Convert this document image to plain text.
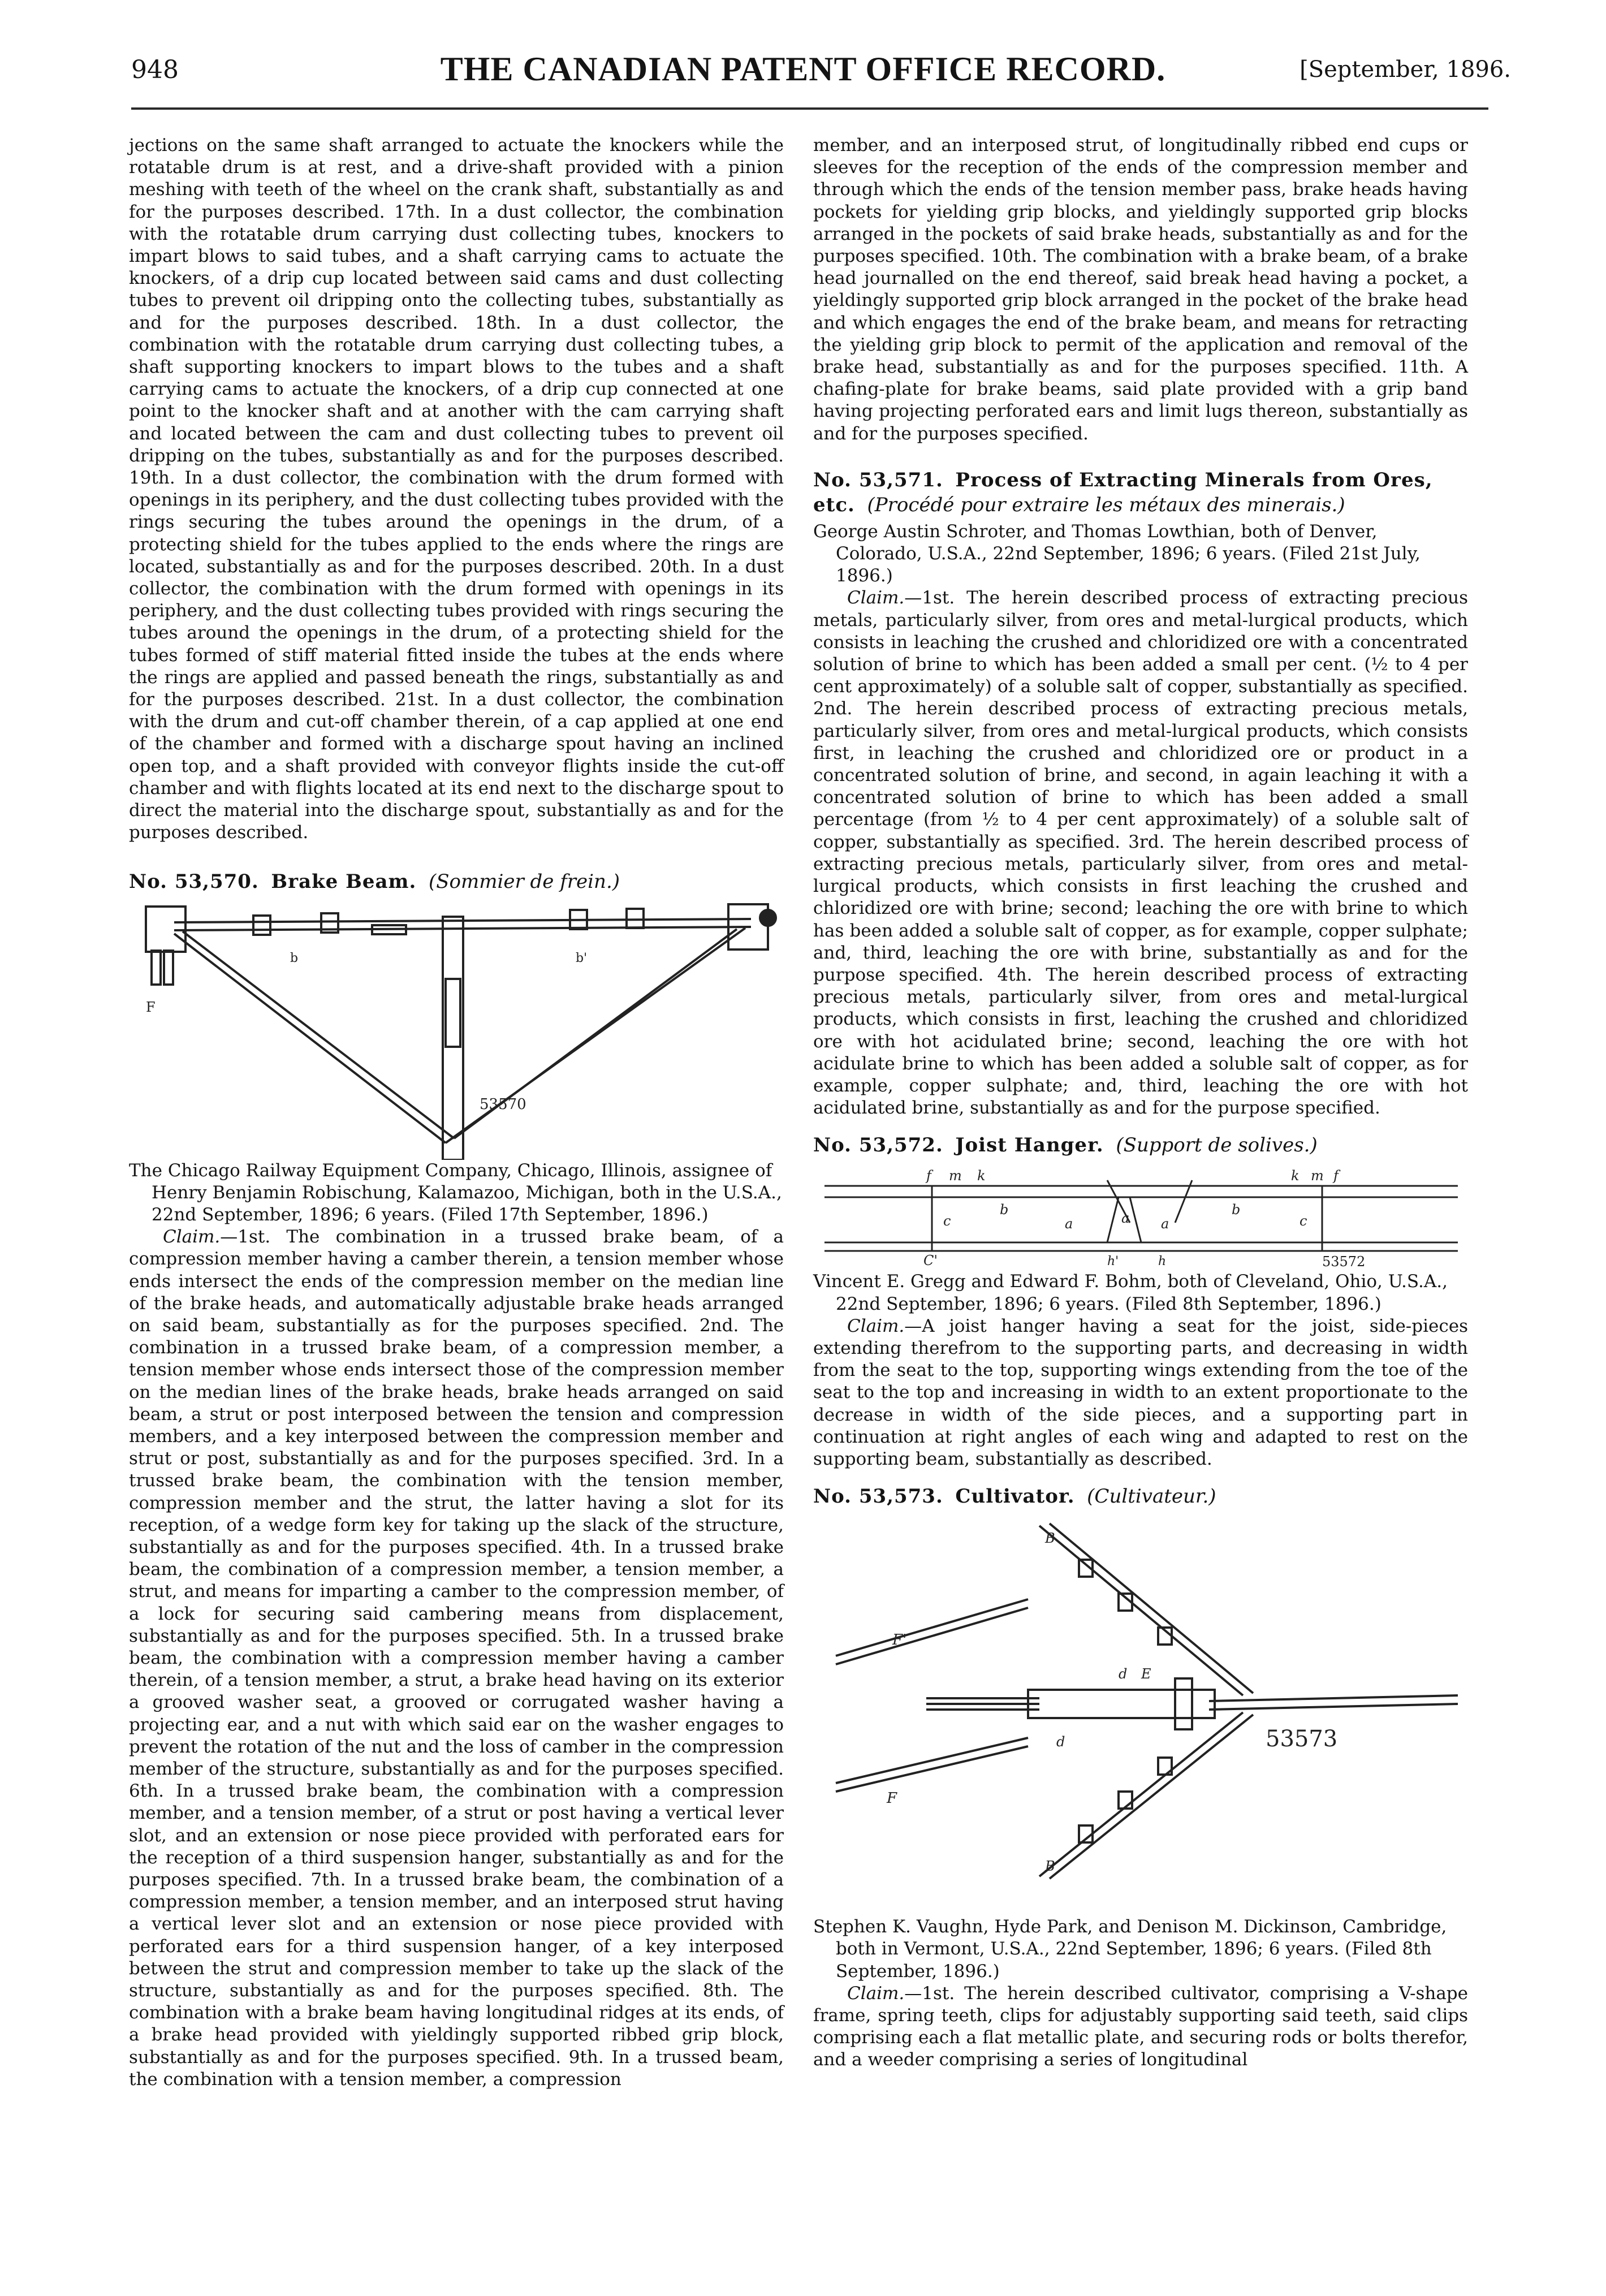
THE CANADIAN PATENT OFFICE RECORD.
948	[September, 1896.

jections on the same shaft arranged to actuate the knockers while the rotatable drum is at rest, and a drive-shaft provided with a pinion meshing with teeth of the wheel on the crank shaft, substantially as and for the purposes described. 17th. In a dust collector, the combination with the rotatable drum carrying dust collecting tubes, knockers to impart blows to said tubes, and a shaft carrying cams to actuate the knockers, of a drip cup located between said cams and dust collecting tubes to prevent oil dripping onto the collecting tubes, substantially as and for the purposes described. 18th. In a dust collector, the combination with the rotatable drum carrying dust collecting tubes, a shaft supporting knockers to impart blows to the tubes and a shaft carrying cams to actuate the knockers, of a drip cup connected at one point to the knocker shaft and at another with the cam carrying shaft and located between the cam and dust collecting tubes to prevent oil dripping on the tubes, substantially as and for the purposes described. 19th. In a dust collector, the combination with the drum formed with openings in its periphery, and the dust collecting tubes provided with the rings securing the tubes around the openings in the drum, of a protecting shield for the tubes applied to the ends where the rings are located, substantially as and for the purposes described. 20th. In a dust collector, the combination with the drum formed with openings in its periphery, and the dust collecting tubes provided with rings securing the tubes around the openings in the drum, of a protecting shield for the tubes formed of stiff material fitted inside the tubes at the ends where the rings are applied and passed beneath the rings, substantially as and for the purposes described. 21st. In a dust collector, the combination with the drum and cut-off chamber therein, of a cap applied at one end of the chamber and formed with a discharge spout having an inclined open top, and a shaft provided with conveyor flights inside the cut-off chamber and with flights located at its end next to the discharge spout to direct the material into the discharge spout, substantially as and for the purposes described.

No. 53,570. Brake Beam. (Sommier de frein.)

F
b	b'
53570

The Chicago Railway Equipment Company, Chicago, Illinois, assignee of Henry Benjamin Robischung, Kalamazoo, Michigan, both in the U.S.A., 22nd September, 1896; 6 years. (Filed 17th September, 1896.)

Claim.—1st. The combination in a trussed brake beam, of a compression member having a camber therein, a tension member whose ends intersect the ends of the compression member on the median line of the brake heads, and automatically adjustable brake heads arranged on said beam, substantially as for the purposes specified. 2nd. The combination in a trussed brake beam, of a compression member, a tension member whose ends intersect those of the compression member on the median lines of the brake heads, brake heads arranged on said beam, a strut or post interposed between the tension and compression members, and a key interposed between the compression member and strut or post, substantially as and for the purposes specified. 3rd. In a trussed brake beam, the combination with the tension member, compression member and the strut, the latter having a slot for its reception, of a wedge form key for taking up the slack of the structure, substantially as and for the purposes specified. 4th. In a trussed brake beam, the combination of a compression member, a tension member, a strut, and means for imparting a camber to the compression member, of a lock for securing said cambering means from displacement, substantially as and for the purposes specified. 5th. In a trussed brake beam, the combination with a compression member having a camber therein, of a tension member, a strut, a brake head having on its exterior a grooved washer seat, a grooved or corrugated washer having a projecting ear, and a nut with which said ear on the washer engages to prevent the rotation of the nut and the loss of camber in the compression member of the structure, substantially as and for the purposes specified. 6th. In a trussed brake beam, the combination with a compression member, and a tension member, of a strut or post having a vertical lever slot, and an extension or nose piece provided with perforated ears for the reception of a third suspension hanger, substantially as and for the purposes specified. 7th. In a trussed brake beam, the combination of a compression member, a tension member, and an interposed strut having a vertical lever slot and an extension or nose piece provided with perforated ears for a third suspension hanger, of a key interposed between the strut and compression member to take up the slack of the structure, substantially as and for the purposes specified. 8th. The combination with a brake beam having longitudinal ridges at its ends, of a brake head provided with yieldingly supported ribbed grip block, substantially as and for the purposes specified. 9th. In a trussed beam, the combination with a tension member, a compression

member, and an interposed strut, of longitudinally ribbed end cups or sleeves for the reception of the ends of the compression member and through which the ends of the tension member pass, brake heads having pockets for yielding grip blocks, and yieldingly supported grip blocks arranged in the pockets of said brake heads, substantially as and for the purposes specified. 10th. The combination with a brake beam, of a brake head journalled on the end thereof, said break head having a pocket, a yieldingly supported grip block arranged in the pocket of the brake head and which engages the end of the brake beam, and means for retracting the yielding grip block to permit of the application and removal of the brake head, substantially as and for the purposes specified. 11th. A chafing-plate for brake beams, said plate provided with a grip band having projecting perforated ears and limit lugs thereon, substantially as and for the purposes specified.

No. 53,571. Process of Extracting Minerals from Ores, etc. (Procédé pour extraire les métaux des minerais.)

George Austin Schroter, and Thomas Lowthian, both of Denver, Colorado, U.S.A., 22nd September, 1896; 6 years. (Filed 21st July, 1896.)

Claim.—1st. The herein described process of extracting precious metals, particularly silver, from ores and metal-lurgical products, which consists in leaching the crushed and chloridized ore with a concentrated solution of brine to which has been added a small per cent. (½ to 4 per cent approximately) of a soluble salt of copper, substantially as specified. 2nd. The herein described process of extracting precious metals, particularly silver, from ores and metal-lurgical products, which consists first, in leaching the crushed and chloridized ore or product in a concentrated solution of brine, and second, in again leaching it with a concentrated solution of brine to which has been added a small percentage (from ½ to 4 per cent approximately) of a soluble salt of copper, substantially as specified. 3rd. The herein described process of extracting precious metals, particularly silver, from ores and metal-lurgical products, which consists in first leaching the crushed and chloridized ore with brine; second; leaching the ore with brine to which has been added a soluble salt of copper, as for example, copper sulphate; and, third, leaching the ore with brine, substantially as and for the purpose specified. 4th. The herein described process of extracting precious metals, particularly silver, from ores and metal-lurgical products, which consists in first, leaching the crushed and chloridized ore with hot acidulated brine; second, leaching the ore with hot acidulate brine to which has been added a soluble salt of copper, as for example, copper sulphate; and, third, leaching the ore with hot acidulated brine, substantially as and for the purpose specified.

No. 53,572. Joist Hanger. (Support de solives.)

f m k	k m f
c
b
a	a a
b
c
C'	h'	h	53572

Vincent E. Gregg and Edward F. Bohm, both of Cleveland, Ohio, U.S.A., 22nd September, 1896; 6 years. (Filed 8th September, 1896.)

Claim.—A joist hanger having a seat for the joist, side-pieces extending therefrom to the supporting parts, and decreasing in width from the seat to the top, supporting wings extending from the toe of the seat to the top and increasing in width to an extent proportionate to the decrease in width of the side pieces, and a supporting part in continuation at right angles of each wing and adapted to rest on the supporting beam, substantially as described.

No. 53,573. Cultivator. (Cultivateur.)

F'
F
B
B
d E
d	53573

Stephen K. Vaughn, Hyde Park, and Denison M. Dickinson, Cambridge, both in Vermont, U.S.A., 22nd September, 1896; 6 years. (Filed 8th September, 1896.)

Claim.—1st. The herein described cultivator, comprising a V-shape frame, spring teeth, clips for adjustably supporting said teeth, said clips comprising each a flat metallic plate, and securing rods or bolts therefor, and a weeder comprising a series of longitudinal
